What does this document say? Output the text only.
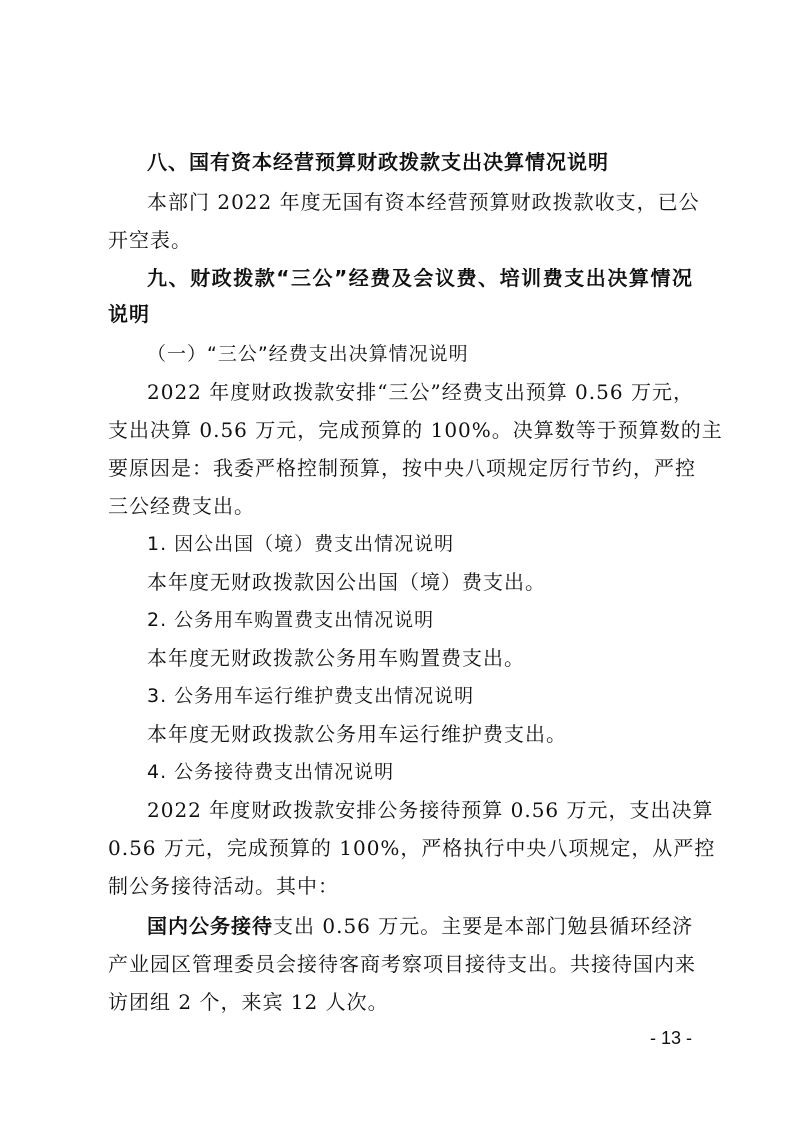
八、国有资本经营预算财政拨款支出决算情况说明
本部门 2022 年度无国有资本经营预算财政拨款收支，已公
开空表。
九、财政拨款“三公”经费及会议费、培训费支出决算情况
说明
（一）“三公”经费支出决算情况说明
2022 年度财政拨款安排“三公”经费支出预算 0.56 万元，
支出决算 0.56 万元，完成预算的 100%。决算数等于预算数的主
要原因是：我委严格控制预算，按中央八项规定厉行节约，严控
三公经费支出。
1. 因公出国（境）费支出情况说明
本年度无财政拨款因公出国（境）费支出。
2. 公务用车购置费支出情况说明
本年度无财政拨款公务用车购置费支出。
3. 公务用车运行维护费支出情况说明
本年度无财政拨款公务用车运行维护费支出。
4. 公务接待费支出情况说明
2022 年度财政拨款安排公务接待预算 0.56 万元，支出决算
0.56 万元，完成预算的 100%，严格执行中央八项规定，从严控
制公务接待活动。其中：
国内公务接待支出 0.56 万元。主要是本部门勉县循环经济
产业园区管理委员会接待客商考察项目接待支出。共接待国内来
访团组 2 个，来宾 12 人次。
- 13 -
